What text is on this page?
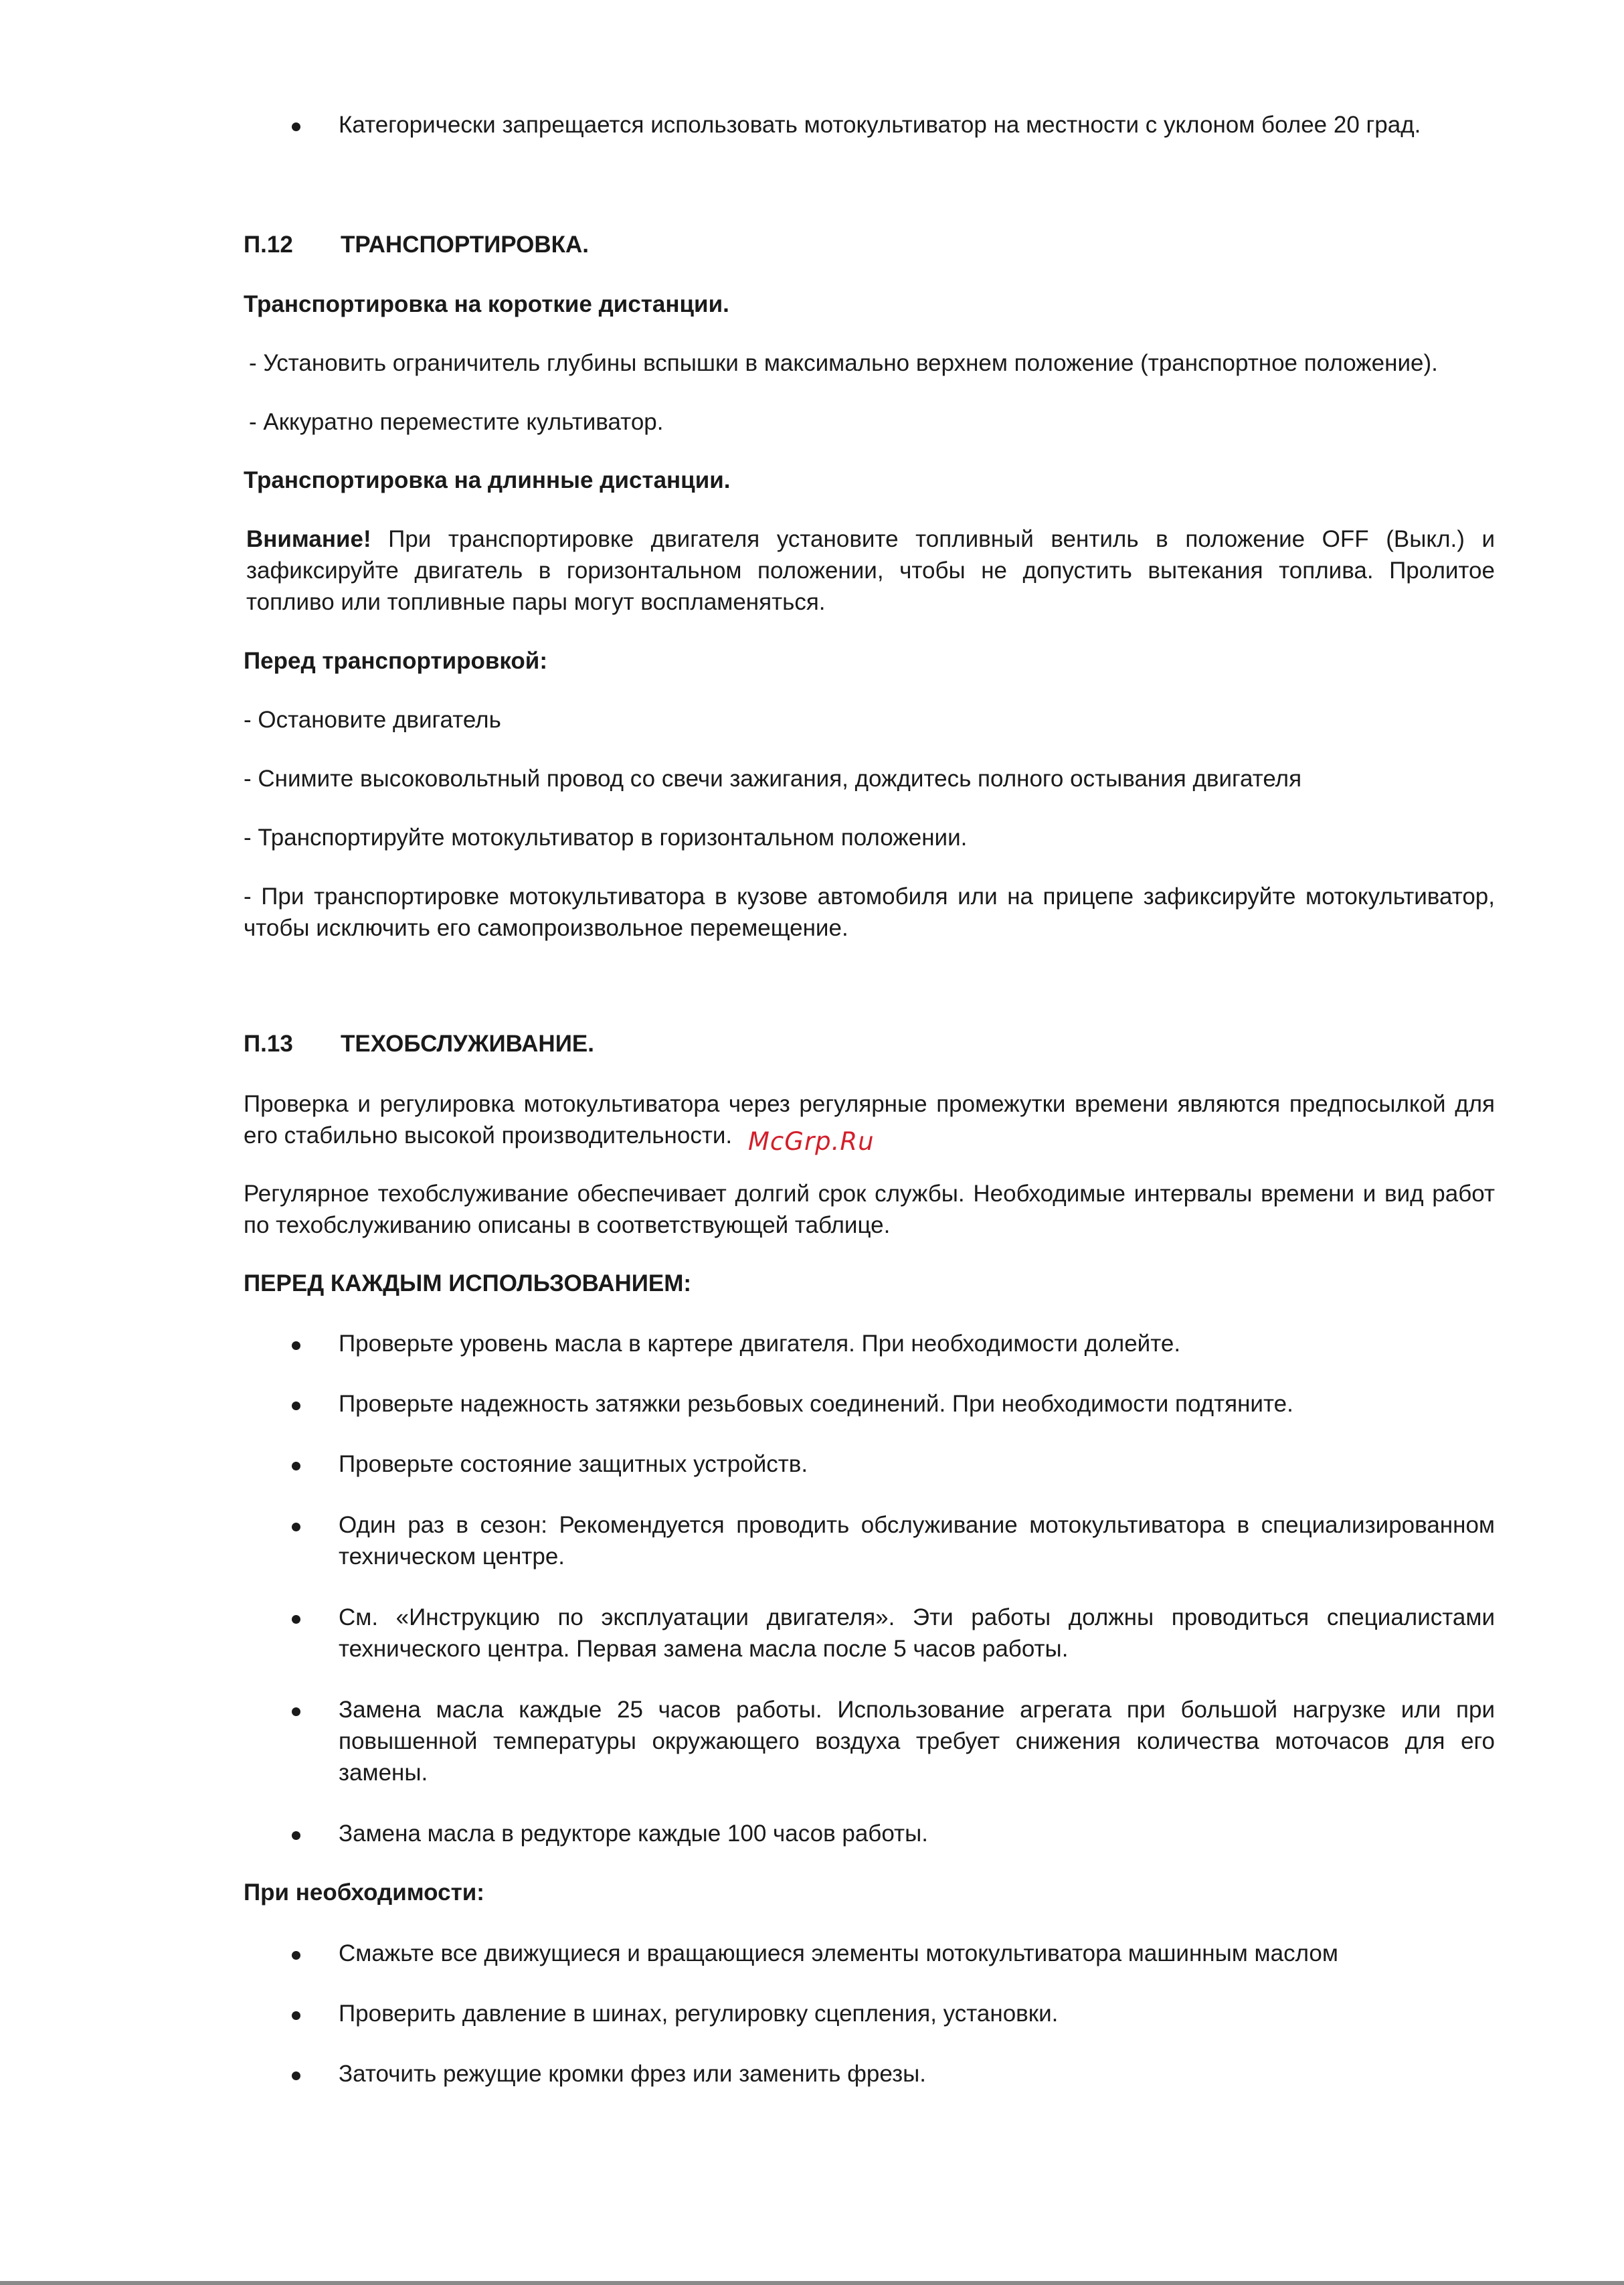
Категорически запрещается использовать мотокультиватор на местности с уклоном более 20 град.
П.12 ТРАНСПОРТИРОВКА.
Транспортировка на короткие дистанции.
- Установить ограничитель глубины вспышки в максимально верхнем положение (транспортное положение).
- Аккуратно переместите культиватор.
Транспортировка на длинные дистанции.
Внимание! При транспортировке двигателя установите топливный вентиль в положение OFF (Выкл.) и зафиксируйте двигатель в горизонтальном положении, чтобы не допустить вытекания топлива. Пролитое топливо или топливные пары могут воспламеняться.
Перед транспортировкой:
- Остановите двигатель
- Снимите высоковольтный провод со свечи зажигания, дождитесь полного остывания двигателя
- Транспортируйте мотокультиватор в горизонтальном положении.
- При транспортировке мотокультиватора в кузове автомобиля или на прицепе зафиксируйте мотокультиватор, чтобы исключить его самопроизвольное перемещение.
П.13 ТЕХОБСЛУЖИВАНИЕ.
Проверка и регулировка мотокультиватора через регулярные промежутки времени являются предпосылкой для его стабильно высокой производительности.
Регулярное техобслуживание обеспечивает долгий срок службы. Необходимые интервалы времени и вид работ по техобслуживанию описаны в соответствующей таблице.
ПЕРЕД КАЖДЫМ ИСПОЛЬЗОВАНИЕМ:
Проверьте уровень масла в картере двигателя. При необходимости долейте.
Проверьте надежность затяжки резьбовых соединений. При необходимости подтяните.
Проверьте состояние защитных устройств.
Один раз в сезон: Рекомендуется проводить обслуживание мотокультиватора в специализированном техническом центре.
См. «Инструкцию по эксплуатации двигателя». Эти работы должны проводиться специалистами технического центра. Первая замена масла после 5 часов работы.
Замена масла каждые 25 часов работы. Использование агрегата при большой нагрузке или при повышенной температуры окружающего воздуха требует снижения количества моточасов для его замены.
Замена масла в редукторе каждые 100 часов работы.
При необходимости:
Смажьте все движущиеся и вращающиеся элементы мотокультиватора машинным маслом
Проверить давление в шинах, регулировку сцепления, установки.
Заточить режущие кромки фрез или заменить фрезы.
McGrp.Ru
